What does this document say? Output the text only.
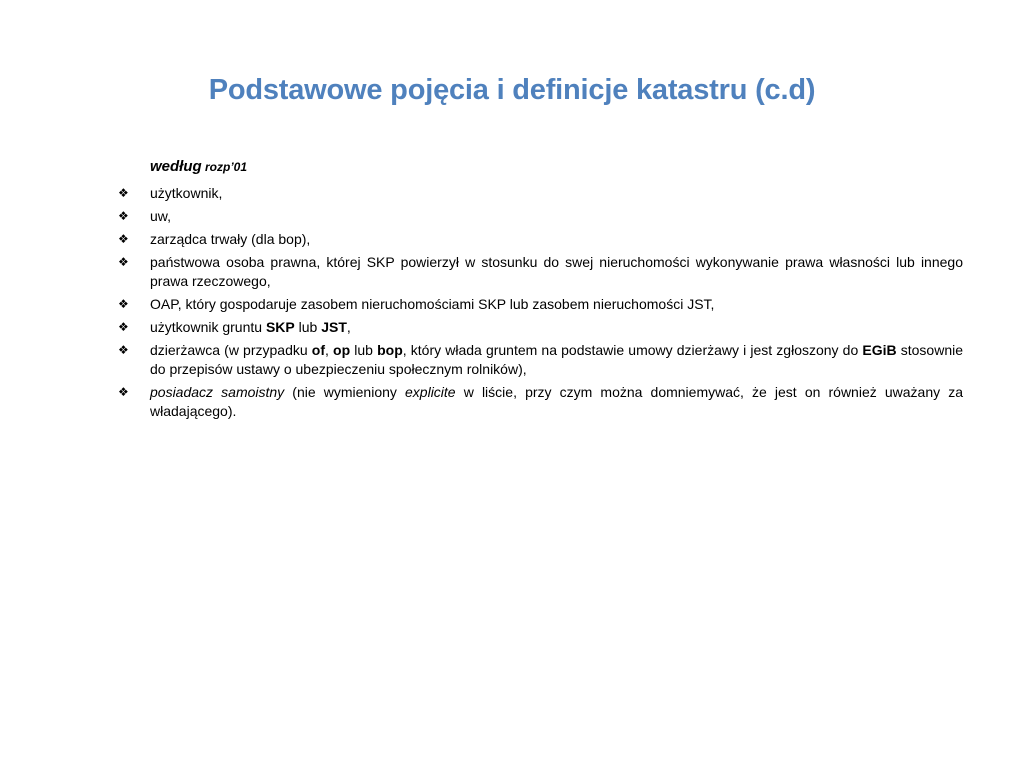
Podstawowe pojęcia i definicje katastru (c.d)

według rozp’01

❖ użytkownik,
❖ uw,
❖ zarządca trwały (dla bop),
❖ państwowa osoba prawna, której SKP powierzył w stosunku do swej nieruchomości wykonywanie prawa własności lub innego prawa rzeczowego,
❖ OAP, który gospodaruje zasobem nieruchomościami SKP lub zasobem nieruchomości JST,
❖ użytkownik gruntu SKP lub JST,
❖ dzierżawca (w przypadku of, op lub bop, który włada gruntem na podstawie umowy dzierżawy i jest zgłoszony do EGiB stosownie do przepisów ustawy o ubezpieczeniu społecznym rolników),
❖ posiadacz samoistny (nie wymieniony explicite w liście, przy czym można domniemywać, że jest on również uważany za władającego).
